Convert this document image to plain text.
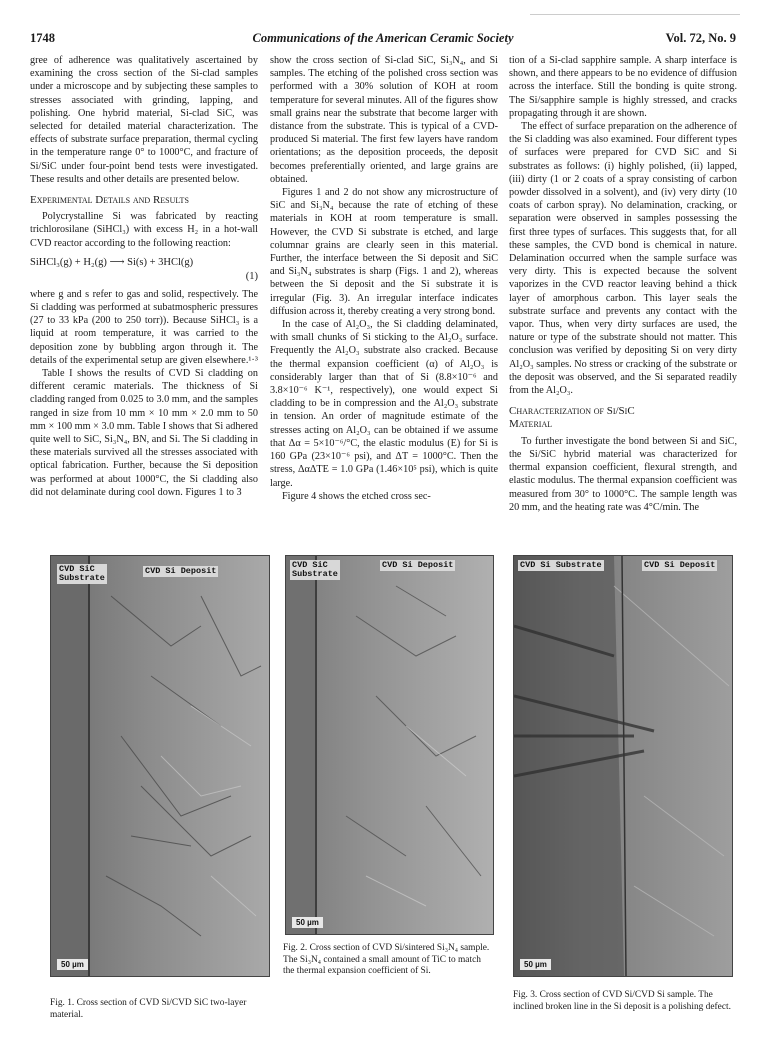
1748	Communications of the American Ceramic Society	Vol. 72, No. 9

gree of adherence was qualitatively ascertained by examining the cross section of the Si-clad samples under a microscope and by subjecting these samples to stresses associated with grinding, lapping, and polishing. One hybrid material, Si-clad SiC, was selected for detailed material characterization. The effects of substrate surface preparation, thermal cycling in the temperature range 0° to 1000°C, and fracture of Si/SiC under four-point bend tests were investigated. These results and other details are presented below.

Experimental Details and Results

Polycrystalline Si was fabricated by reacting trichlorosilane (SiHCl₃) with excess H₂ in a hot-wall CVD reactor according to the following reaction:

SiHCl₃(g) + H₂(g) ⟶ Si(s) + 3HCl(g)
(1)

where g and s refer to gas and solid, respectively. The Si cladding was performed at subatmospheric pressures (27 to 33 kPa (200 to 250 torr)). Because SiHCl₃ is a liquid at room temperature, it was carried to the deposition zone by bubbling argon through it. The details of the experimental setup are given elsewhere.¹·³

Table I shows the results of CVD Si cladding on different ceramic materials. The thickness of Si cladding ranged from 0.025 to 3.0 mm, and the samples ranged in size from 10 mm × 10 mm × 2.0 mm to 50 mm × 100 mm × 3.0 mm. Table I shows that Si adhered quite well to SiC, Si₃N₄, BN, and Si. The Si cladding in these materials survived all the stresses associated with optical fabrication. Further, because the Si deposition was performed at about 1000°C, the Si cladding also did not delaminate during cool down. Figures 1 to 3

show the cross section of Si-clad SiC, Si₃N₄, and Si samples. The etching of the polished cross section was performed with a 30% solution of KOH at room temperature for several minutes. All of the figures show small grains near the substrate that become larger with distance from the substrate. This is typical of a CVD-produced Si material. The first few layers have random orientations; as the deposition proceeds, the deposit becomes preferentially oriented, and large grains are obtained.

Figures 1 and 2 do not show any microstructure of SiC and Si₃N₄ because the rate of etching of these materials in KOH at room temperature is small. However, the CVD Si substrate is etched, and large columnar grains are clearly seen in this material. Further, the interface between the Si deposit and SiC and Si₃N₄ substrates is sharp (Figs. 1 and 2), whereas between the Si deposit and the Si substrate it is irregular (Fig. 3). An irregular interface indicates diffusion across it, thereby creating a very strong bond.

In the case of Al₂O₃, the Si cladding delaminated, with small chunks of Si sticking to the Al₂O₃ surface. Frequently the Al₂O₃ substrate also cracked. Because the thermal expansion coefficient (α) of Al₂O₃ is considerably larger than that of Si (8.8×10⁻⁶ and 3.8×10⁻⁶ K⁻¹, respectively), one would expect Si cladding to be in compression and the Al₂O₃ substrate in tension. An order of magnitude estimate of the stresses acting on Al₂O₃ can be obtained if we assume that Δα = 5×10⁻⁶/°C, the elastic modulus (E) for Si is 160 GPa (23×10⁻⁶ psi), and ΔT = 1000°C. Then the stress, ΔαΔTE = 1.0 GPa (1.46×10⁵ psi), which is quite large.

Figure 4 shows the etched cross sec-

tion of a Si-clad sapphire sample. A sharp interface is shown, and there appears to be no evidence of diffusion across the interface. Still the bonding is quite strong. The Si/sapphire sample is highly stressed, and cracks propagating through it are shown.

The effect of surface preparation on the adherence of the Si cladding was also examined. Four different types of surfaces were prepared for CVD SiC and Si substrates as follows: (i) highly polished, (ii) lapped, (iii) dirty (1 or 2 coats of a spray consisting of carbon powder dissolved in a solvent), and (iv) very dirty (10 coats of carbon spray). No delamination, cracking, or separation were observed in samples possessing the first three types of surfaces. This suggests that, for all these samples, the CVD bond is chemical in nature. Delamination occurred when the sample surface was very dirty. This is expected because the solvent vaporizes in the CVD reactor leaving behind a thick layer of amorphous carbon. This layer seals the substrate surface and prevents any contact with the vapor. Thus, when very dirty surfaces are used, the nature or type of the substrate should not matter. This conclusion was verified by depositing Si on very dirty Al₂O₃ samples. No stress or cracking of the substrate or the deposit was observed, and the Si separated readily from the Al₂O₃.

Characterization of Si/SiC
Material

To further investigate the bond between Si and SiC, the Si/SiC hybrid material was characterized for thermal expansion coefficient, flexural strength, and elastic modulus. The thermal expansion coefficient was measured from 30° to 1000°C. The sample length was 20 mm, and the heating rate was 4°C/min. The

CVD SiC
Substrate
CVD Si Deposit
50 µm
Fig. 1. Cross section of CVD Si/CVD SiC two-layer material.
CVD SiC
Substrate
CVD Si Deposit
50 µm
Fig. 2. Cross section of CVD Si/sintered Si₃N₄ sample. The Si₃N₄ contained a small amount of TiC to match the thermal expansion coefficient of Si.
CVD Si Substrate	CVD Si Deposit
50 µm
Fig. 3. Cross section of CVD Si/CVD Si sample. The inclined broken line in the Si deposit is a polishing defect.
